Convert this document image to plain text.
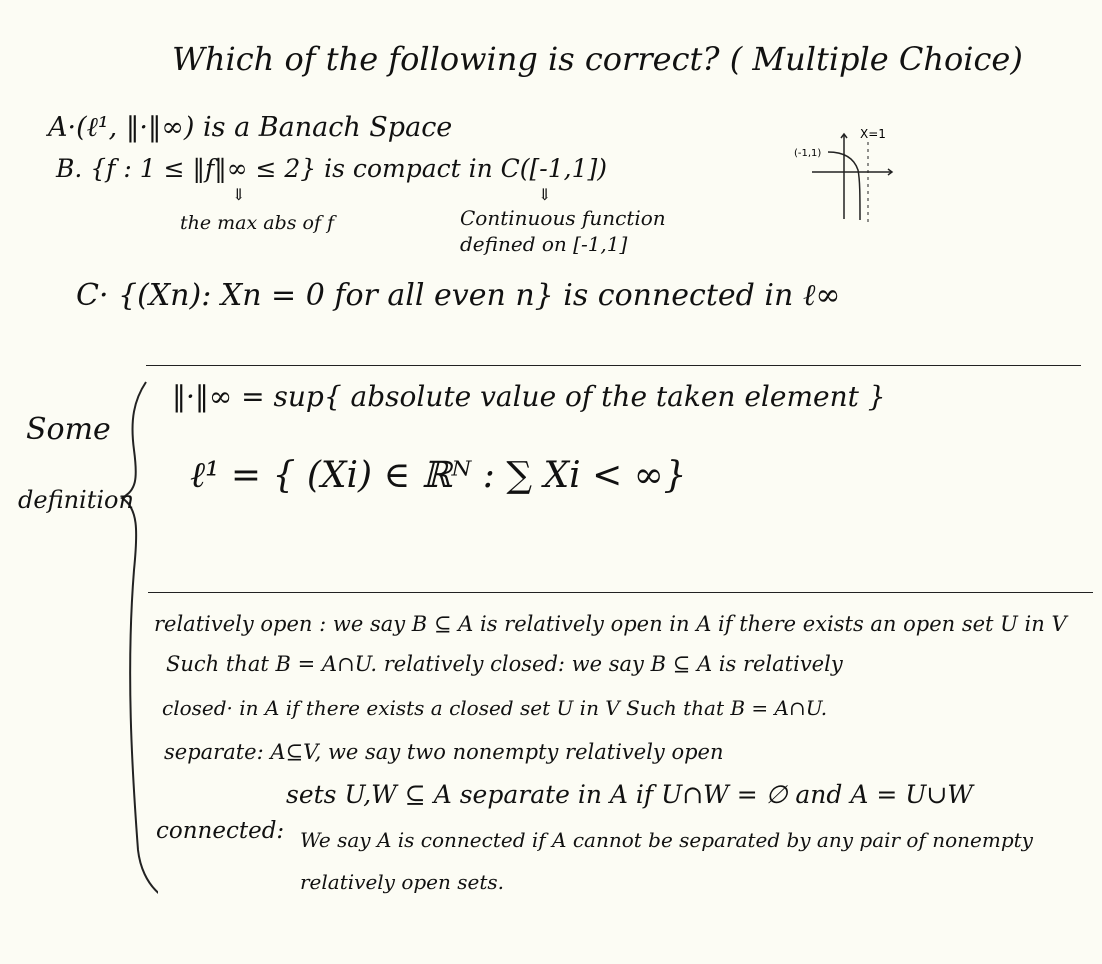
Which of the following is correct? ( Multiple Choice)
A·(ℓ¹, ‖·‖∞) is a Banach Space
B. {f : 1 ≤ ‖f‖∞ ≤ 2} is compact in C([-1,1])
⇓	⇓
the max abs of f	Continuous function
defined on [-1,1]
C· {(Xn): Xn = 0 for all even n} is connected in ℓ∞
(-1,1)
X=1
Some
definition
‖·‖∞ = sup{ absolute value of the taken element }
ℓ¹ = { (Xi) ∈ ℝᴺ : ∑ Xi < ∞}
relatively open : we say B ⊆ A is relatively open in A if there exists an open set U in V
Such that B = A∩U. relatively closed: we say B ⊆ A is relatively
closed· in A if there exists a closed set U in V Such that B = A∩U.
separate: A⊆V, we say two nonempty relatively open
sets U,W ⊆ A separate in A if U∩W = ∅ and A = U∪W
connected: We say A is connected if A cannot be separated by any pair of nonempty
relatively open sets.
